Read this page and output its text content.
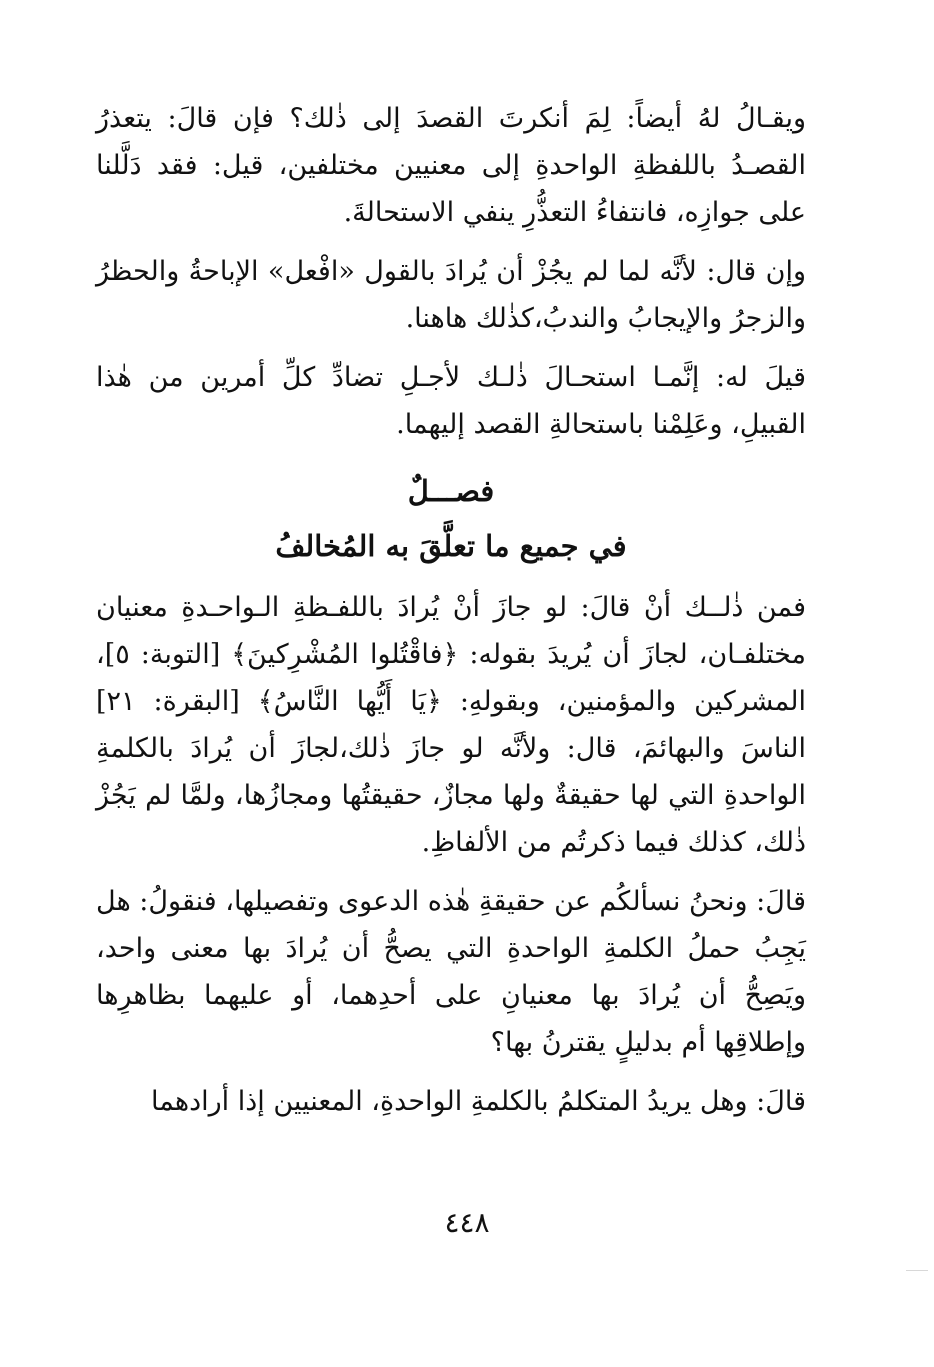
ويقـالُ لهُ أيضاً: لِمَ أنكرتَ القصدَ إلى ذٰلك؟ فإن قالَ: يتعذرُ القصـدُ باللفظةِ الواحدةِ إلى معنيين مختلفين، قيل: فقد دَلَّلنا على جوازِه، فانتفاءُ التعذُّرِ ينفي الاستحالةَ.

وإن قال: لأنَّه لما لم يجُزْ أن يُرادَ بالقول «افْعل» الإباحةُ والحظرُ والزجرُ والإيجابُ والندبُ،كذٰلك هاهنا.

قيلَ له: إنَّمـا استحـالَ ذٰلـك لأجـلِ تضادِّ كلِّ أمرين من هٰذا القبيلِ، وعَلِمْنا باستحالةِ القصد إليهما.

فصـــلٌ
في جميع ما تعلَّقَ به المُخالفُ

فمن ذٰلــك أنْ قالَ: لو جازَ أنْ يُرادَ باللفـظةِ الـواحـدةِ معنيان مختلفـان، لجازَ أن يُريدَ بقوله: ﴿فاقْتُلوا المُشْرِكينَ﴾ [التوبة: ٥]، المشركين والمؤمنين، وبقولهِ: ﴿يَا أَيُّها النَّاسُ﴾ [البقرة: ٢١] الناسَ والبهائمَ، قال: ولأنَّه لو جازَ ذٰلك،لجازَ أن يُرادَ بالكلمةِ الواحدةِ التي لها حقيقةٌ ولها مجازٌ، حقيقتُها ومجازُها، ولمَّا لم يَجُزْ ذٰلك، كذلك فيما ذكرتُم من الألفاظِ.

قالَ: ونحنُ نسألكُم عن حقيقةِ هٰذه الدعوى وتفصيلها، فنقولُ: هل يَجِبُ حملُ الكلمةِ الواحدةِ التي يصحُّ أن يُرادَ بها معنى واحد، ويَصِحُّ أن يُرادَ بها معنيانِ على أحدِهما، أو عليهما بظاهرِها وإطلاقِها أم بدليلٍ يقترنُ بها؟

قالَ: وهل يريدُ المتكلمُ بالكلمةِ الواحدةِ، المعنيين إذا أرادهما

٤٤٨
